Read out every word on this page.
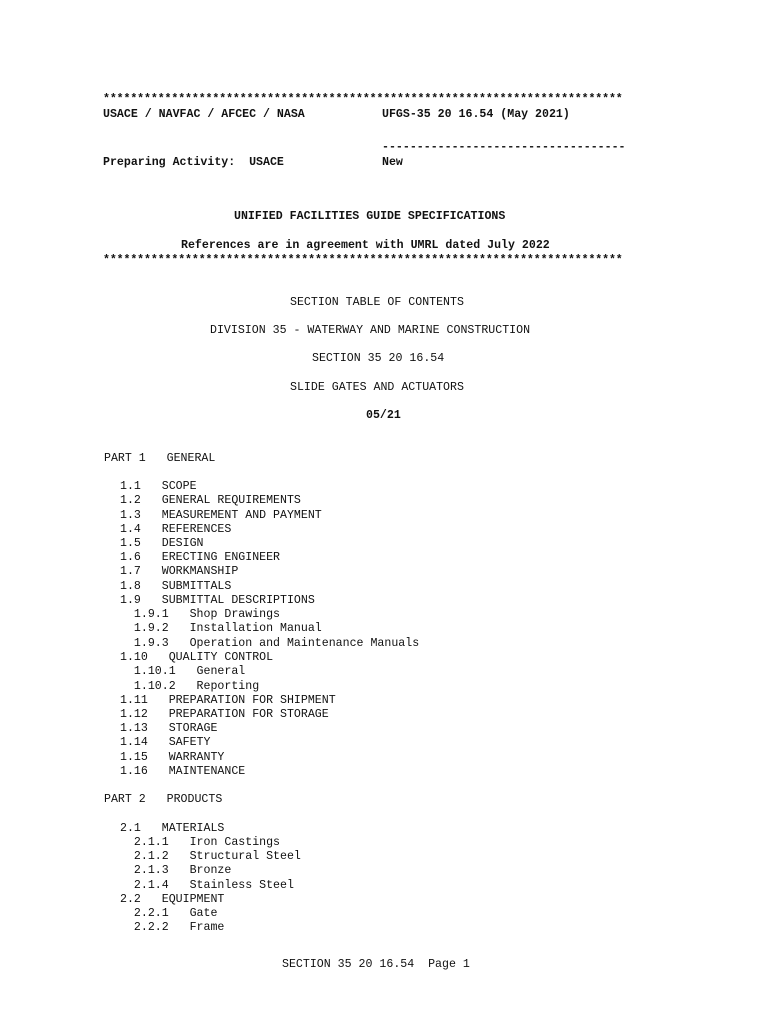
****************************************************************************
USACE / NAVFAC / AFCEC / NASA	UFGS-35 20 16.54 (May 2021)
-----------------------------------
Preparing Activity:  USACE	New
UNIFIED FACILITIES GUIDE SPECIFICATIONS
References are in agreement with UMRL dated July 2022
****************************************************************************
SECTION TABLE OF CONTENTS
DIVISION 35 - WATERWAY AND MARINE CONSTRUCTION
SECTION 35 20 16.54
SLIDE GATES AND ACTUATORS
05/21
PART 1   GENERAL
1.1   SCOPE
1.2   GENERAL REQUIREMENTS
1.3   MEASUREMENT AND PAYMENT
1.4   REFERENCES
1.5   DESIGN
1.6   ERECTING ENGINEER
1.7   WORKMANSHIP
1.8   SUBMITTALS
1.9   SUBMITTAL DESCRIPTIONS
1.9.1   Shop Drawings
1.9.2   Installation Manual
1.9.3   Operation and Maintenance Manuals
1.10   QUALITY CONTROL
1.10.1   General
1.10.2   Reporting
1.11   PREPARATION FOR SHIPMENT
1.12   PREPARATION FOR STORAGE
1.13   STORAGE
1.14   SAFETY
1.15   WARRANTY
1.16   MAINTENANCE
PART 2   PRODUCTS
2.1   MATERIALS
2.1.1   Iron Castings
2.1.2   Structural Steel
2.1.3   Bronze
2.1.4   Stainless Steel
2.2   EQUIPMENT
2.2.1   Gate
2.2.2   Frame
SECTION 35 20 16.54  Page 1
